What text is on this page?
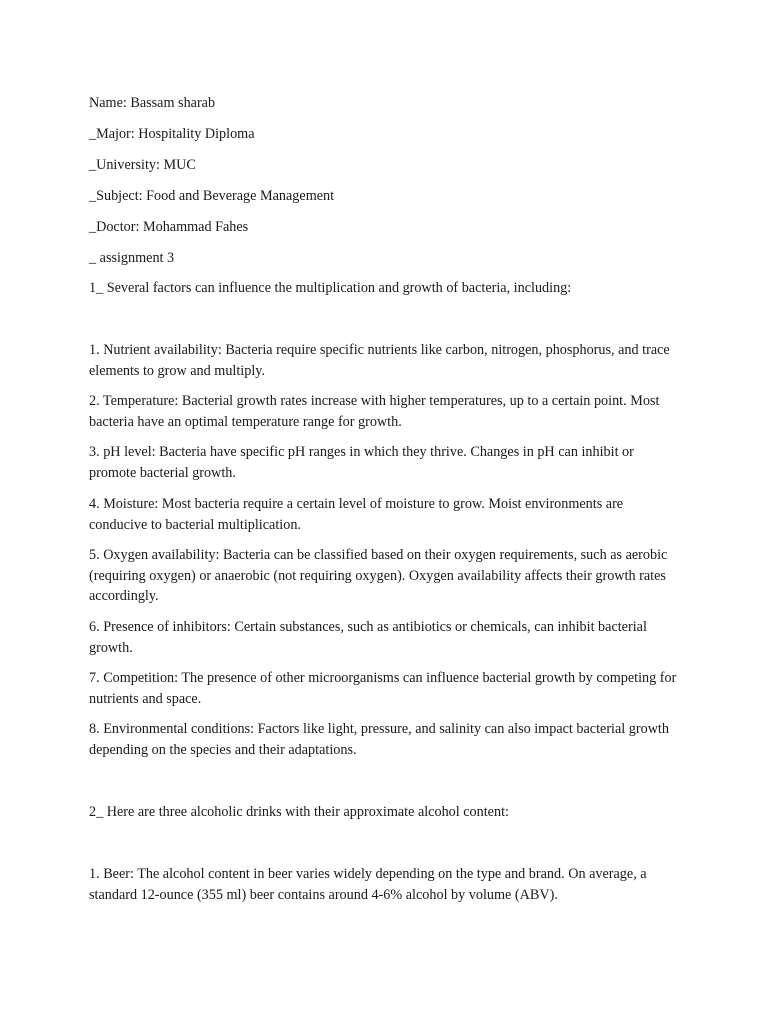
Name: Bassam sharab

_Major: Hospitality Diploma

_University: MUC

_Subject: Food and Beverage Management

_Doctor: Mohammad Fahes

_ assignment 3

1_ Several factors can influence the multiplication and growth of bacteria, including:

1. Nutrient availability: Bacteria require specific nutrients like carbon, nitrogen, phosphorus, and trace elements to grow and multiply.

2. Temperature: Bacterial growth rates increase with higher temperatures, up to a certain point. Most bacteria have an optimal temperature range for growth.

3. pH level: Bacteria have specific pH ranges in which they thrive. Changes in pH can inhibit or promote bacterial growth.

4. Moisture: Most bacteria require a certain level of moisture to grow. Moist environments are conducive to bacterial multiplication.

5. Oxygen availability: Bacteria can be classified based on their oxygen requirements, such as aerobic (requiring oxygen) or anaerobic (not requiring oxygen). Oxygen availability affects their growth rates accordingly.

6. Presence of inhibitors: Certain substances, such as antibiotics or chemicals, can inhibit bacterial growth.

7. Competition: The presence of other microorganisms can influence bacterial growth by competing for nutrients and space.

8. Environmental conditions: Factors like light, pressure, and salinity can also impact bacterial growth depending on the species and their adaptations.

2_ Here are three alcoholic drinks with their approximate alcohol content:

1. Beer: The alcohol content in beer varies widely depending on the type and brand. On average, a standard 12-ounce (355 ml) beer contains around 4-6% alcohol by volume (ABV).
